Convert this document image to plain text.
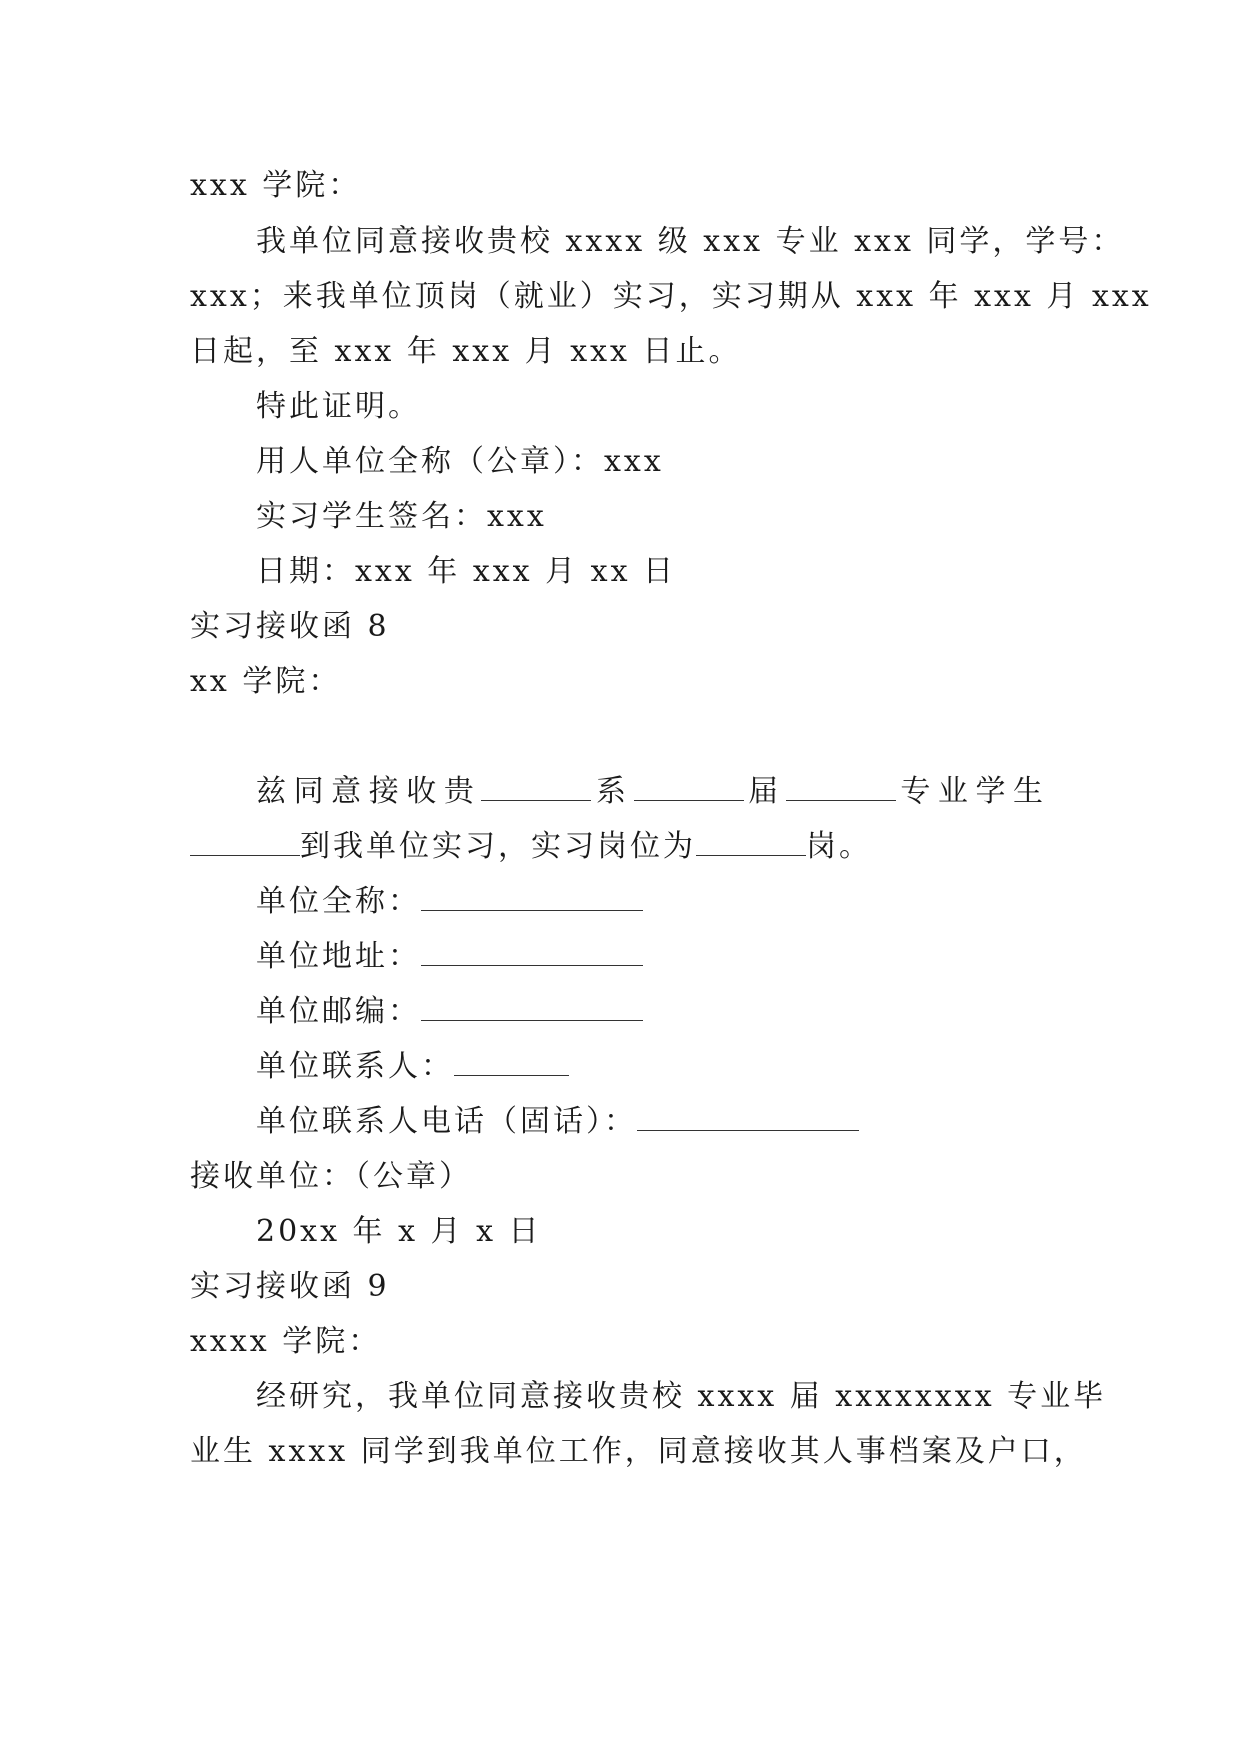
xxx 学院：
我单位同意接收贵校 xxxx 级 xxx 专业 xxx 同学，学号：
xxx；来我单位顶岗（就业）实习，实习期从 xxx 年 xxx 月 xxx
日起，至 xxx 年 xxx 月 xxx 日止。
特此证明。
用人单位全称（公章）：xxx
实习学生签名：xxx
日期：xxx 年 xxx 月 xx 日
实习接收函 8
xx 学院：
兹同意接收贵	系	届	专业学生
到我单位实习，实习岗位为	岗。
单位全称：
单位地址：
单位邮编：
单位联系人：
单位联系人电话（固话）：
接收单位：（公章）
20xx 年 x 月 x 日
实习接收函 9
xxxx 学院：
经研究，我单位同意接收贵校 xxxx 届 xxxxxxxx 专业毕
业生 xxxx 同学到我单位工作，同意接收其人事档案及户口，
